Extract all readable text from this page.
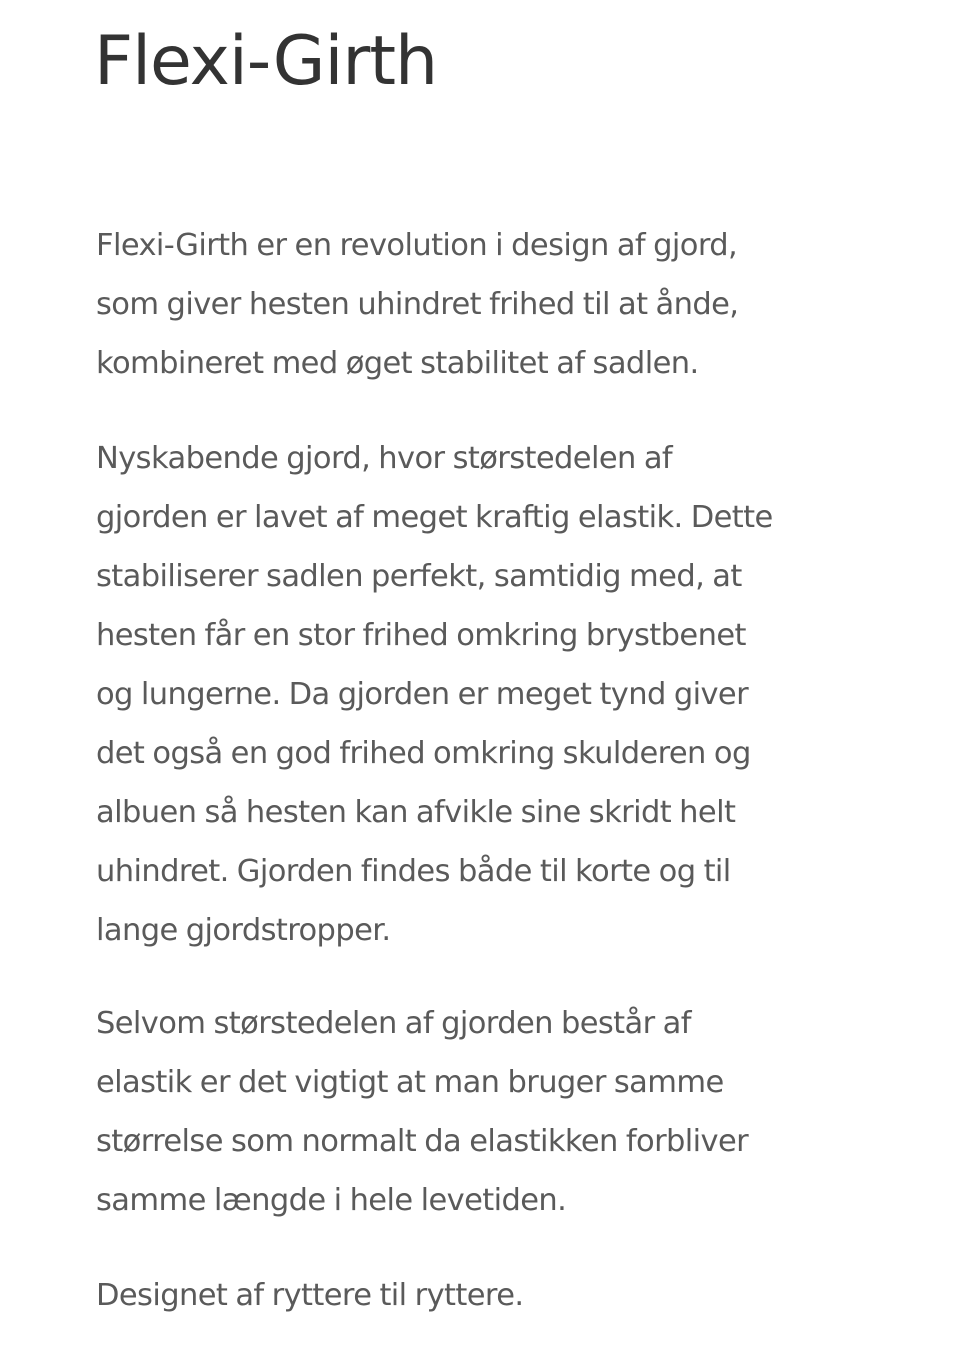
Flexi-Girth

Flexi-Girth er en revolution i design af gjord,
som giver hesten uhindret frihed til at ånde,
kombineret med øget stabilitet af sadlen.

Nyskabende gjord, hvor størstedelen af
gjorden er lavet af meget kraftig elastik. Dette
stabiliserer sadlen perfekt, samtidig med, at
hesten får en stor frihed omkring brystbenet
og lungerne. Da gjorden er meget tynd giver
det også en god frihed omkring skulderen og
albuen så hesten kan afvikle sine skridt helt
uhindret. Gjorden findes både til korte og til
lange gjordstropper.

Selvom størstedelen af gjorden består af
elastik er det vigtigt at man bruger samme
størrelse som normalt da elastikken forbliver
samme længde i hele levetiden.

Designet af ryttere til ryttere.
